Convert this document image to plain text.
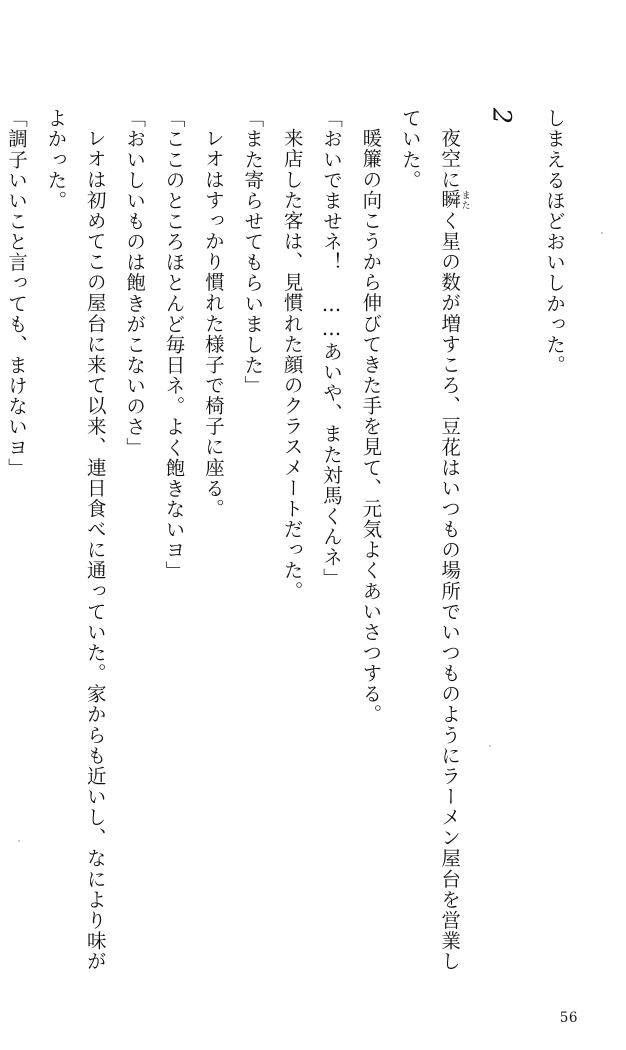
しまえるほどおいしかった。

2

夜空に瞬またく星の数が増すころ、豆花はいつもの場所でいつものようにラーメン屋台を営業していた。

暖簾の向こうから伸びてきた手を見て、元気よくあいさつする。

「おいでませネ！　……あいや、また対馬くんネ」

来店した客は、見慣れた顔のクラスメートだった。

「また寄らせてもらいました」

レオはすっかり慣れた様子で椅子に座る。

「ここのところほとんど毎日ネ。よく飽きないヨ」

「おいしいものは飽きがこないのさ」

レオは初めてこの屋台に来て以来、連日食べに通っていた。家からも近いし、なにより味がよかった。

「調子いいこと言っても、まけないヨ」

56
